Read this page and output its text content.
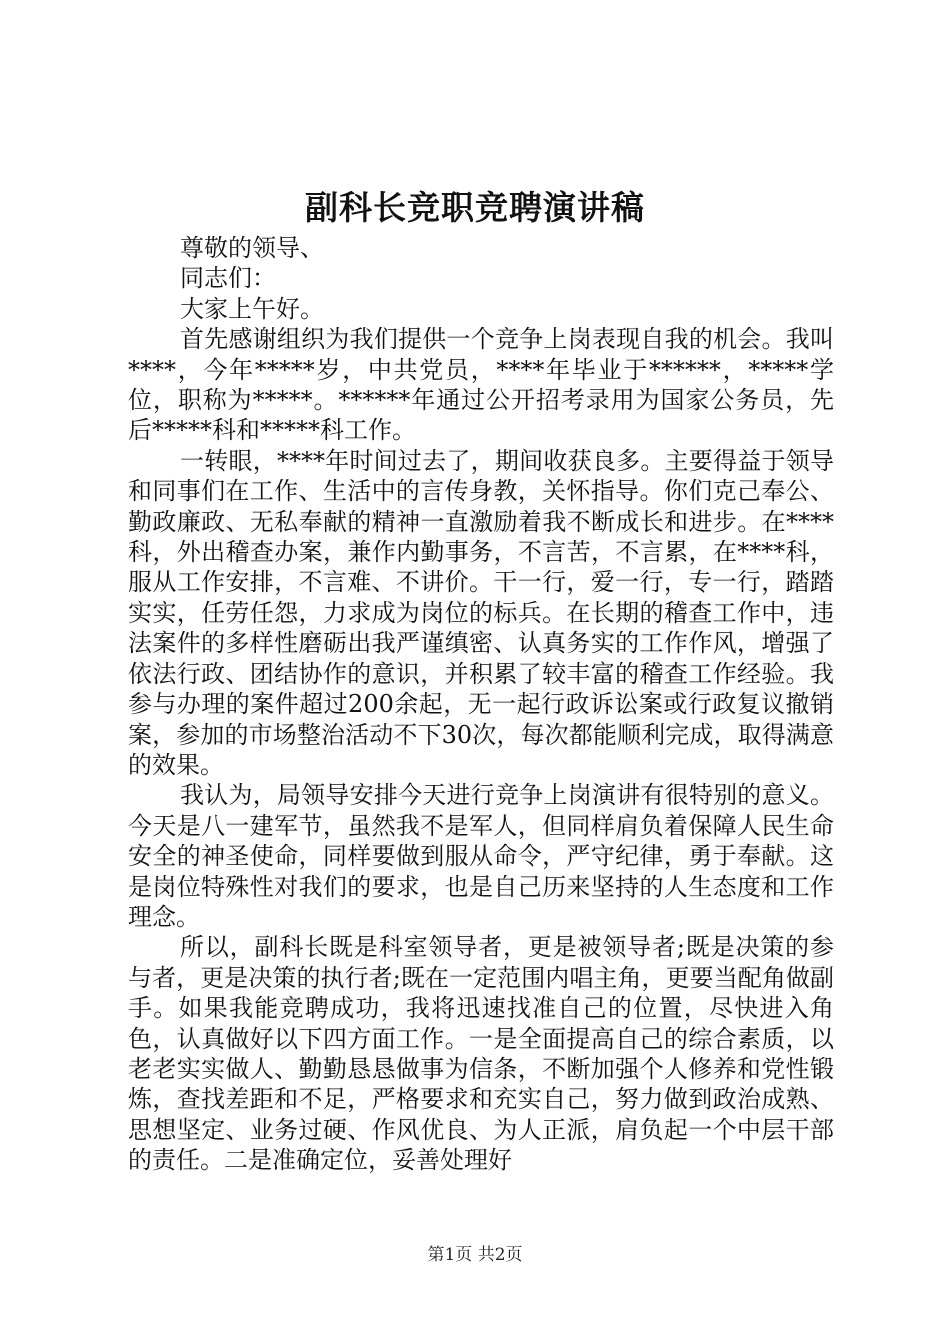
副科长竞职竞聘演讲稿

尊敬的领导、

同志们：

大家上午好。

首先感谢组织为我们提供一个竞争上岗表现自我的机会。我叫****，今年*****岁，中共党员，****年毕业于******，*****学位，职称为*****。******年通过公开招考录用为国家公务员，先后*****科和*****科工作。

一转眼，****年时间过去了，期间收获良多。主要得益于领导和同事们在工作、生活中的言传身教，关怀指导。你们克己奉公、勤政廉政、无私奉献的精神一直激励着我不断成长和进步。在****科，外出稽查办案，兼作内勤事务，不言苦，不言累，在****科，服从工作安排，不言难、不讲价。干一行，爱一行，专一行，踏踏实实，任劳任怨，力求成为岗位的标兵。在长期的稽查工作中，违法案件的多样性磨砺出我严谨缜密、认真务实的工作作风，增强了依法行政、团结协作的意识，并积累了较丰富的稽查工作经验。我参与办理的案件超过200余起，无一起行政诉讼案或行政复议撤销案，参加的市场整治活动不下30次，每次都能顺利完成，取得满意的效果。

我认为，局领导安排今天进行竞争上岗演讲有很特别的意义。今天是八一建军节，虽然我不是军人，但同样肩负着保障人民生命安全的神圣使命，同样要做到服从命令，严守纪律，勇于奉献。这是岗位特殊性对我们的要求，也是自己历来坚持的人生态度和工作理念。

所以，副科长既是科室领导者，更是被领导者;既是决策的参与者，更是决策的执行者;既在一定范围内唱主角，更要当配角做副手。如果我能竞聘成功，我将迅速找准自己的位置，尽快进入角色，认真做好以下四方面工作。一是全面提高自己的综合素质，以老老实实做人、勤勤恳恳做事为信条，不断加强个人修养和党性锻炼，查找差距和不足，严格要求和充实自己，努力做到政治成熟、思想坚定、业务过硬、作风优良、为人正派，肩负起一个中层干部的责任。二是准确定位，妥善处理好

第1页 共2页
